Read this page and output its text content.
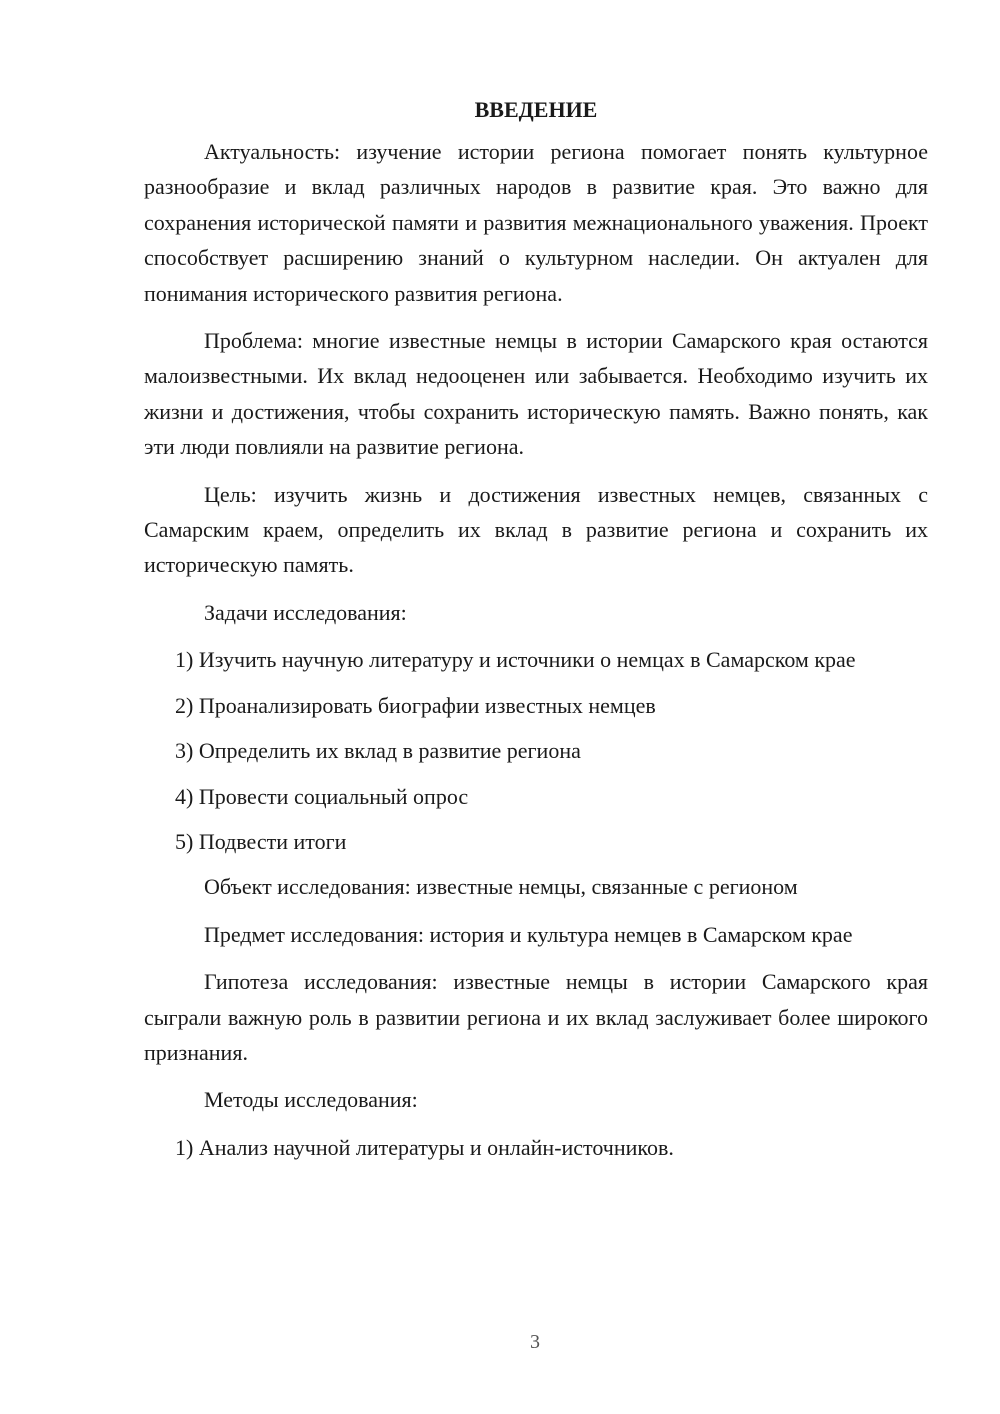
ВВЕДЕНИЕ

Актуальность: изучение истории региона помогает понять культурное разнообразие и вклад различных народов в развитие края. Это важно для сохранения исторической памяти и развития межнационального уважения. Проект способствует расширению знаний о культурном наследии. Он актуален для понимания исторического развития региона.

Проблема: многие известные немцы в истории Самарского края остаются малоизвестными. Их вклад недооценен или забывается. Необходимо изучить их жизни и достижения, чтобы сохранить историческую память. Важно понять, как эти люди повлияли на развитие региона.

Цель: изучить жизнь и достижения известных немцев, связанных с Самарским краем, определить их вклад в развитие региона и сохранить их историческую память.

Задачи исследования:

1) Изучить научную литературу и источники о немцах в Самарском крае

2) Проанализировать биографии известных немцев

3) Определить их вклад в развитие региона

4) Провести социальный опрос

5) Подвести итоги

Объект исследования: известные немцы, связанные с регионом

Предмет исследования: история и культура немцев в Самарском крае

Гипотеза исследования: известные немцы в истории Самарского края сыграли важную роль в развитии региона и их вклад заслуживает более широкого признания.

Методы исследования:

1) Анализ научной литературы и онлайн-источников.

3
